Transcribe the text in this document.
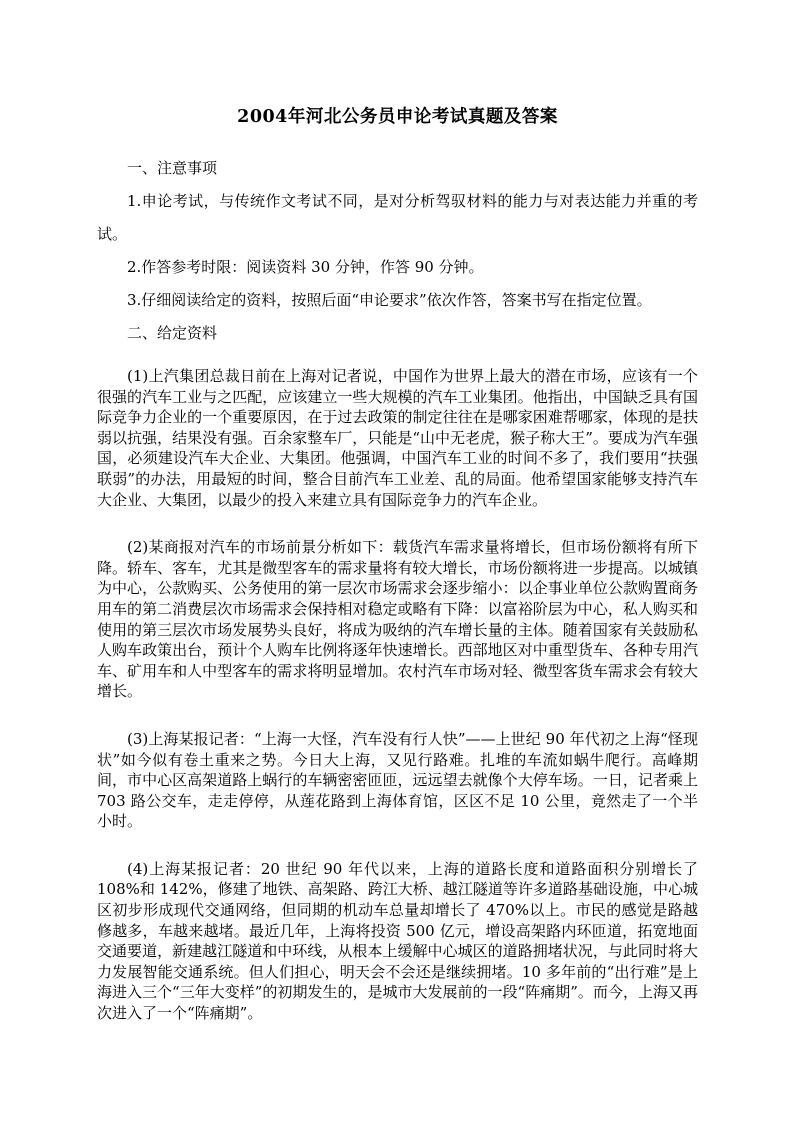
2004年河北公务员申论考试真题及答案

一、注意事项

1.申论考试，与传统作文考试不同，是对分析驾驭材料的能力与对表达能力并重的考试。

2.作答参考时限：阅读资料 30 分钟，作答 90 分钟。

3.仔细阅读给定的资料，按照后面“申论要求”依次作答，答案书写在指定位置。

二、给定资料

(1)上汽集团总裁日前在上海对记者说，中国作为世界上最大的潜在市场，应该有一个很强的汽车工业与之匹配，应该建立一些大规模的汽车工业集团。他指出，中国缺乏具有国际竞争力企业的一个重要原因，在于过去政策的制定往往在是哪家困难帮哪家，体现的是扶弱以抗强，结果没有强。百余家整车厂，只能是“山中无老虎，猴子称大王”。要成为汽车强国，必须建设汽车大企业、大集团。他强调，中国汽车工业的时间不多了，我们要用“扶强联弱”的办法，用最短的时间，整合目前汽车工业差、乱的局面。他希望国家能够支持汽车大企业、大集团，以最少的投入来建立具有国际竞争力的汽车企业。

(2)某商报对汽车的市场前景分析如下：载货汽车需求量将增长，但市场份额将有所下降。轿车、客车，尤其是微型客车的需求量将有较大增长，市场份额将进一步提高。以城镇为中心，公款购买、公务使用的第一层次市场需求会逐步缩小：以企事业单位公款购置商务用车的第二消费层次市场需求会保持相对稳定或略有下降：以富裕阶层为中心，私人购买和使用的第三层次市场发展势头良好，将成为吸纳的汽车增长量的主体。随着国家有关鼓励私人购车政策出台，预计个人购车比例将逐年快速增长。西部地区对中重型货车、各种专用汽车、矿用车和人中型客车的需求将明显增加。农村汽车市场对轻、微型客货车需求会有较大增长。

(3)上海某报记者：“上海一大怪，汽车没有行人快”——上世纪 90 年代初之上海“怪现状”如今似有卷土重来之势。今日大上海，又见行路难。扎堆的车流如蜗牛爬行。高峰期间，市中心区高架道路上蜗行的车辆密密匝匝，远远望去就像个大停车场。一日，记者乘上 703 路公交车，走走停停，从莲花路到上海体育馆，区区不足 10 公里，竟然走了一个半小时。

(4)上海某报记者：20 世纪 90 年代以来，上海的道路长度和道路面积分别增长了 108%和 142%，修建了地铁、高架路、跨江大桥、越江隧道等许多道路基础设施，中心城区初步形成现代交通网络，但同期的机动车总量却增长了 470%以上。市民的感觉是路越修越多，车越来越堵。最近几年，上海将投资 500 亿元，增设高架路内环匝道，拓宽地面交通要道，新建越江隧道和中环线，从根本上缓解中心城区的道路拥堵状况，与此同时将大力发展智能交通系统。但人们担心，明天会不会还是继续拥堵。10 多年前的“出行难”是上海进入三个“三年大变样”的初期发生的，是城市大发展前的一段“阵痛期”。而今，上海又再次进入了一个“阵痛期”。
